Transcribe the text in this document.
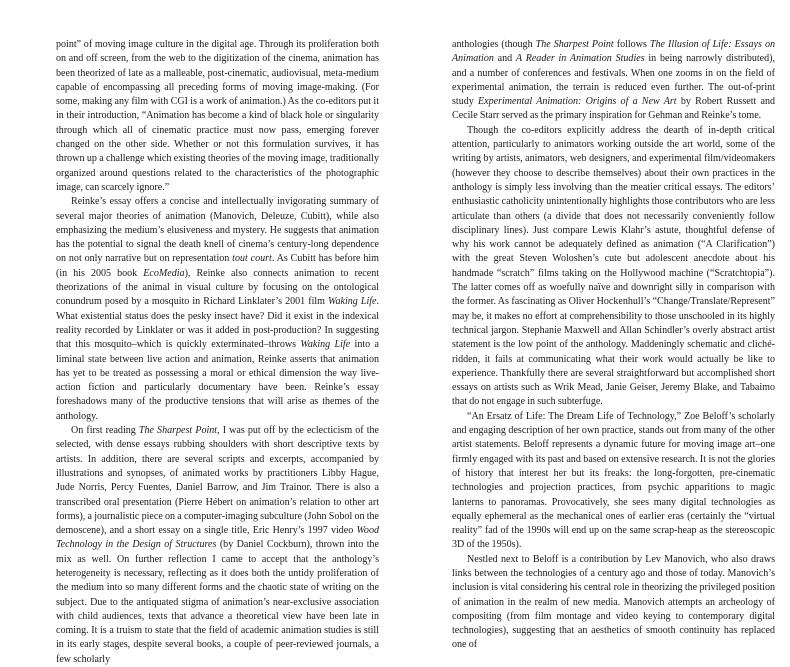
point” of moving image culture in the digital age. Through its proliferation both on and off screen, from the web to the digitization of the cinema, animation has been theorized of late as a malleable, post-cinematic, audiovisual, meta-medium capable of encompassing all preceding forms of moving image-making. (For some, making any film with CGI is a work of animation.) As the co-editors put it in their introduction, “Animation has become a kind of black hole or singularity through which all of cinematic practice must now pass, emerging forever changed on the other side. Whether or not this formulation survives, it has thrown up a challenge which existing theories of the moving image, traditionally organized around questions related to the characteristics of the photographic image, can scarcely ignore.”

Reinke’s essay offers a concise and intellectually invigorating summary of several major theories of animation (Manovich, Deleuze, Cubitt), while also emphasizing the medium’s elusiveness and mystery. He suggests that animation has the potential to signal the death knell of cinema’s century-long dependence on not only narrative but on representation tout court. As Cubitt has before him (in his 2005 book EcoMedia), Reinke also connects animation to recent theorizations of the animal in visual culture by focusing on the ontological conundrum posed by a mosquito in Richard Linklater’s 2001 film Waking Life. What existential status does the pesky insect have? Did it exist in the indexical reality recorded by Linklater or was it added in post-production? In suggesting that this mosquito–which is quickly exterminated–throws Waking Life into a liminal state between live action and animation, Reinke asserts that animation has yet to be treated as possessing a moral or ethical dimension the way live-action fiction and particularly documentary have been. Reinke’s essay foreshadows many of the productive tensions that will arise as themes of the anthology.

On first reading The Sharpest Point, I was put off by the eclecticism of the selected, with dense essays rubbing shoulders with short descriptive texts by artists. In addition, there are several scripts and excerpts, accompanied by illustrations and synopses, of animated works by practitioners Libby Hague, Jude Norris, Percy Fuentes, Daniel Barrow, and Jim Trainor. There is also a transcribed oral presentation (Pierre Hébert on animation’s relation to other art forms), a journalistic piece on a computer-imaging subculture (John Sobol on the demoscene), and a short essay on a single title, Eric Henry’s 1997 video Wood Technology in the Design of Structures (by Daniel Cockburn), thrown into the mix as well. On further reflection I came to accept that the anthology’s heterogeneity is necessary, reflecting as it does both the untidy proliferation of the medium into so many different forms and the chaotic state of writing on the subject. Due to the antiquated stigma of animation’s near-exclusive association with child audiences, texts that advance a theoretical view have been late in coming. It is a truism to state that the field of academic animation studies is still in its early stages, despite several books, a couple of peer-reviewed journals, a few scholarly

anthologies (though The Sharpest Point follows The Illusion of Life: Essays on Animation and A Reader in Animation Studies in being narrowly distributed), and a number of conferences and festivals. When one zooms in on the field of experimental animation, the terrain is reduced even further. The out-of-print study Experimental Animation: Origins of a New Art by Robert Russett and Cecile Starr served as the primary inspiration for Gehman and Reinke’s tome.

Though the co-editors explicitly address the dearth of in-depth critical attention, particularly to animators working outside the art world, some of the writing by artists, animators, web designers, and experimental film/videomakers (however they choose to describe themselves) about their own practices in the anthology is simply less involving than the meatier critical essays. The editors’ enthusiastic catholicity unintentionally highlights those contributors who are less articulate than others (a divide that does not necessarily conveniently follow disciplinary lines). Just compare Lewis Klahr’s astute, thoughtful defense of why his work cannot be adequately defined as animation (“A Clarification”) with the great Steven Woloshen’s cute but adolescent anecdote about his handmade “scratch” films taking on the Hollywood machine (“Scratchtopia”). The latter comes off as woefully naïve and downright silly in comparison with the former. As fascinating as Oliver Hockenhull’s “Change/Translate/Represent” may be, it makes no effort at comprehensibility to those unschooled in its highly technical jargon. Stephanie Maxwell and Allan Schindler’s overly abstract artist statement is the low point of the anthology. Maddeningly schematic and cliché-ridden, it fails at communicating what their work would actually be like to experience. Thankfully there are several straightforward but accomplished short essays on artists such as Wrik Mead, Janie Geiser, Jeremy Blake, and Tabaimo that do not engage in such subterfuge.

“An Ersatz of Life: The Dream Life of Technology,” Zoe Beloff’s scholarly and engaging description of her own practice, stands out from many of the other artist statements. Beloff represents a dynamic future for moving image art–one firmly engaged with its past and based on extensive research. It is not the glories of history that interest her but its freaks: the long-forgotten, pre-cinematic technologies and projection practices, from psychic apparitions to magic lanterns to panoramas. Provocatively, she sees many digital technologies as equally ephemeral as the mechanical ones of earlier eras (certainly the “virtual reality” fad of the 1990s will end up on the same scrap-heap as the stereoscopic 3D of the 1950s).

Nestled next to Beloff is a contribution by Lev Manovich, who also draws links between the technologies of a century ago and those of today. Manovich’s inclusion is vital considering his central role in theorizing the privileged position of animation in the realm of new media. Manovich attempts an archeology of compositing (from film montage and video keying to contemporary digital technologies), suggesting that an aesthetics of smooth continuity has replaced one of
